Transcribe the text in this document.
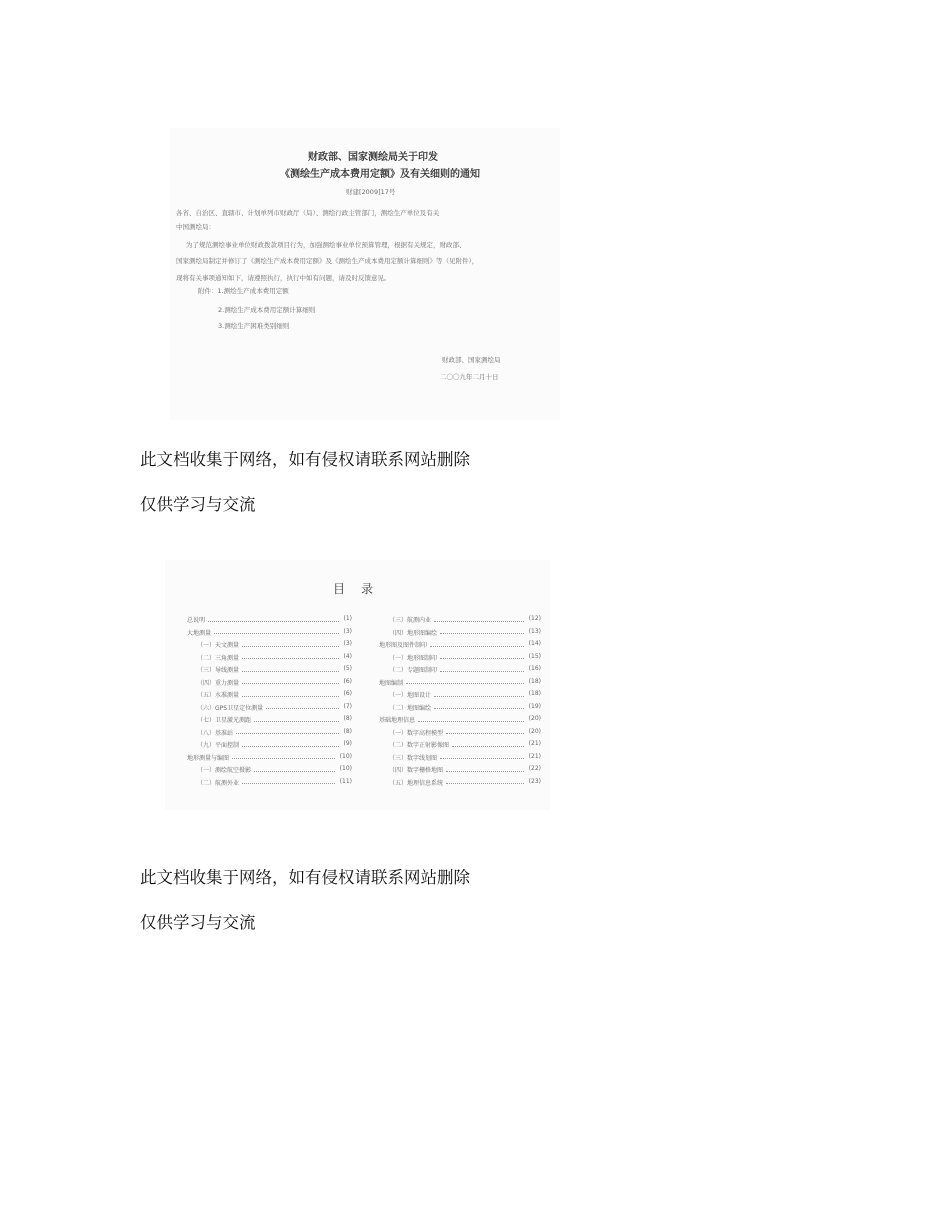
财政部、国家测绘局关于印发
《测绘生产成本费用定额》及有关细则的通知
财建[2009]17号
各省、自治区、直辖市、计划单列市财政厅（局）、测绘行政主管部门，测绘生产单位及有关
中国测绘局：
为了规范测绘事业单位财政拨款项目行为，加强测绘事业单位预算管理，根据有关规定，财政部、
国家测绘局制定并修订了《测绘生产成本费用定额》及《测绘生产成本费用定额计算细则》等（见附件），
现将有关事项通知如下，请遵照执行，执行中如有问题，请及时反馈意见。
附件：1.测绘生产成本费用定额
2.测绘生产成本费用定额计算细则
3.测绘生产困难类别细则
财政部、国家测绘局
二〇〇九年二月十日
此文档收集于网络，如有侵权请联系网站删除
仅供学习与交流
目　录
总说明	(1)
大地测量	(3)
（一）天文测量	(3)
（二）三角测量	(4)
（三）导线测量	(5)
（四）重力测量	(6)
（五）水准测量	(6)
（六）GPS卫星定位测量	(7)
（七）卫星激光测距	(8)
（八）基准站	(8)
（九）平面控制	(9)
地形测量与编图	(10)
（一）测绘航空摄影	(10)
（二）航测外业	(11)
（三）航测内业	(12)
（四）地形图编绘	(13)
地形图及图件制印	(14)
（一）地形图制印	(15)
（二）专题图制印	(16)
地图编制	(18)
（一）地图设计	(18)
（二）地图编绘	(19)
基础地理信息	(20)
（一）数字高程模型	(20)
（二）数字正射影像图	(21)
（三）数字线划图	(21)
（四）数字栅格地图	(22)
（五）地理信息系统	(23)
此文档收集于网络，如有侵权请联系网站删除
仅供学习与交流
